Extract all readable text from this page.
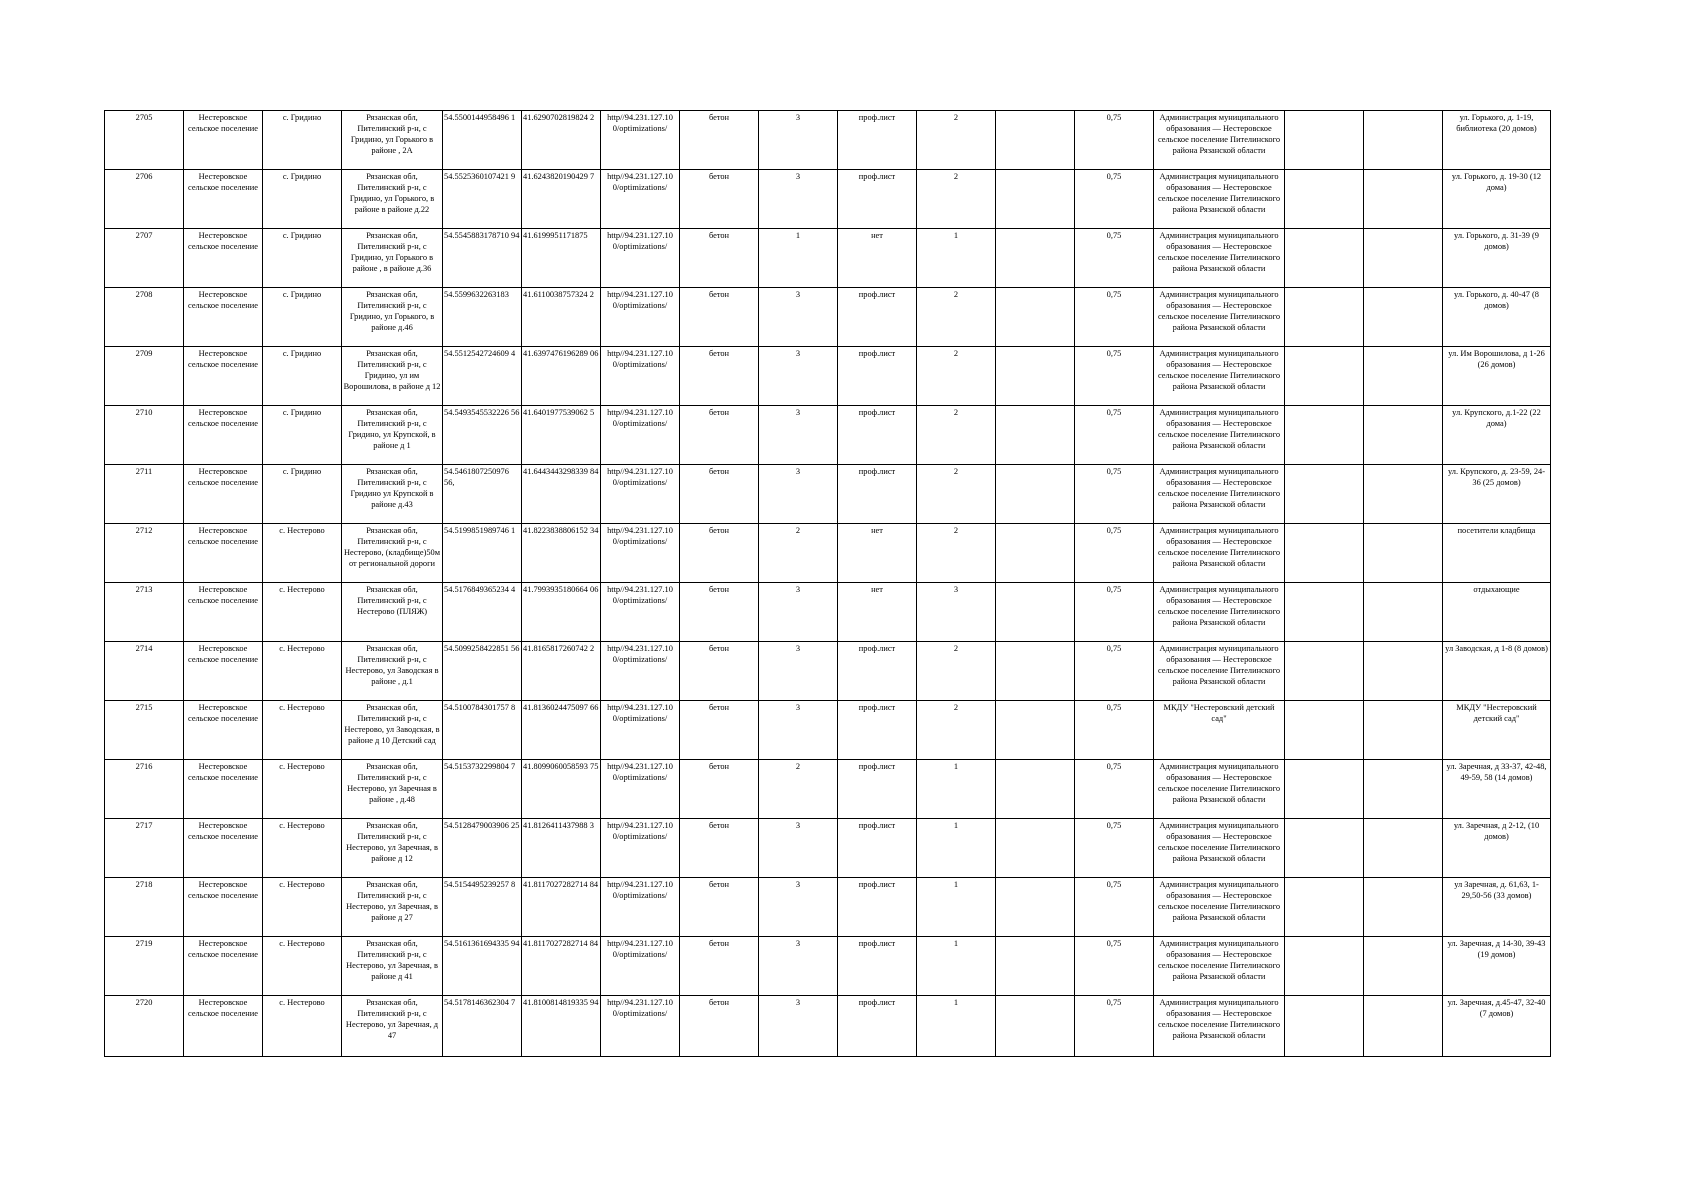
2705	Нестеровское сельское поселение	с. Гридино	Рязанская обл, Пителинский р-н, с Гридино, ул Горького в районе , 2А	54.5500144958496 1	41.6290702819824 2	http//94.231.127.10 0/optimizations/	бетон	3	проф.лист	2		0,75	Администрация муниципального образования — Нестеровское сельское поселение Пителинского района Рязанской области			ул. Горького, д. 1-19, библиотека (20 домов)
2706	Нестеровское сельское поселение	с. Гридино	Рязанская обл, Пителинский р-н, с Гридино, ул Горького, в районе в районе д.22	54.5525360107421 9	41.6243820190429 7	http//94.231.127.10 0/optimizations/	бетон	3	проф.лист	2		0,75	Администрация муниципального образования — Нестеровское сельское поселение Пителинского района Рязанской области			ул. Горького, д. 19-30 (12 дома)
2707	Нестеровское сельское поселение	с. Гридино	Рязанская обл, Пителинский р-н, с Гридино, ул Горького в районе , в районе д.36	54.5545883178710 94	41.6199951171875	http//94.231.127.10 0/optimizations/	бетон	1	нет	1		0,75	Администрация муниципального образования — Нестеровское сельское поселение Пителинского района Рязанской области			ул. Горького, д. 31-39 (9 домов)
2708	Нестеровское сельское поселение	с. Гридино	Рязанская обл, Пителинский р-н, с Гридино, ул Горького, в районе д.46	54.5599632263183	41.6110038757324 2	http//94.231.127.10 0/optimizations/	бетон	3	проф.лист	2		0,75	Администрация муниципального образования — Нестеровское сельское поселение Пителинского района Рязанской области			ул. Горького, д. 40-47 (8 домов)
2709	Нестеровское сельское поселение	с. Гридино	Рязанская обл, Пителинский р-н, с Гридино, ул им Ворошилова, в районе д 12	54.5512542724609 4	41.6397476196289 06	http//94.231.127.10 0/optimizations/	бетон	3	проф.лист	2		0,75	Администрация муниципального образования — Нестеровское сельское поселение Пителинского района Рязанской области			ул. Им Ворошилова, д 1-26 (26 домов)
2710	Нестеровское сельское поселение	с. Гридино	Рязанская обл, Пителинский р-н, с Гридино, ул Крупской, в районе д 1	54.5493545532226 56	41.6401977539062 5	http//94.231.127.10 0/optimizations/	бетон	3	проф.лист	2		0,75	Администрация муниципального образования — Нестеровское сельское поселение Пителинского района Рязанской области			ул. Крупского, д.1-22 (22 дома)
2711	Нестеровское сельское поселение	с. Гридино	Рязанская обл, Пителинский р-н, с Гридино ул Крупской в районе д.43	54.5461807250976 56,	41.6443443298339 84	http//94.231.127.10 0/optimizations/	бетон	3	проф.лист	2		0,75	Администрация муниципального образования — Нестеровское сельское поселение Пителинского района Рязанской области			ул. Крупского, д. 23-59, 24-36 (25 домов)
2712	Нестеровское сельское поселение	с. Нестерово	Рязанская обл, Пителинский р-н, с Нестерово, (кладбище)50м от региональной дороги	54.5199851989746 1	41.8223838806152 34	http//94.231.127.10 0/optimizations/	бетон	2	нет	2		0,75	Администрация муниципального образования — Нестеровское сельское поселение Пителинского района Рязанской области			посетители кладбища
2713	Нестеровское сельское поселение	с. Нестерово	Рязанская обл, Пителинский р-н, с Нестерово (ПЛЯЖ)	54.5176849365234 4	41.7993935180664 06	http//94.231.127.10 0/optimizations/	бетон	3	нет	3		0,75	Администрация муниципального образования — Нестеровское сельское поселение Пителинского района Рязанской области			отдыхающие
2714	Нестеровское сельское поселение	с. Нестерово	Рязанская обл, Пителинский р-н, с Нестерово, ул Заводская в районе , д.1	54.5099258422851 56	41.8165817260742 2	http//94.231.127.10 0/optimizations/	бетон	3	проф.лист	2		0,75	Администрация муниципального образования — Нестеровское сельское поселение Пителинского района Рязанской области			ул Заводская, д 1-8 (8 домов)
2715	Нестеровское сельское поселение	с. Нестерово	Рязанская обл, Пителинский р-н, с Нестерово, ул Заводская, в районе д 10 Детский сад	54.5100784301757 8	41.8136024475097 66	http//94.231.127.10 0/optimizations/	бетон	3	проф.лист	2		0,75	МКДУ "Нестеровский детский сад"			МКДУ "Нестеровский детский сад"
2716	Нестеровское сельское поселение	с. Нестерово	Рязанская обл, Пителинский р-н, с Нестерово, ул Заречная в районе , д.48	54.5153732299804 7	41.8099060058593 75	http//94.231.127.10 0/optimizations/	бетон	2	проф.лист	1		0,75	Администрация муниципального образования — Нестеровское сельское поселение Пителинского района Рязанской области			ул. Заречная, д 33-37, 42-48, 49-59, 58 (14 домов)
2717	Нестеровское сельское поселение	с. Нестерово	Рязанская обл, Пителинский р-н, с Нестерово, ул Заречная, в районе д 12	54.5128479003906 25	41.8126411437988 3	http//94.231.127.10 0/optimizations/	бетон	3	проф.лист	1		0,75	Администрация муниципального образования — Нестеровское сельское поселение Пителинского района Рязанской области			ул. Заречная, д 2-12, (10 домов)
2718	Нестеровское сельское поселение	с. Нестерово	Рязанская обл, Пителинский р-н, с Нестерово, ул Заречная, в районе д 27	54.5154495239257 8	41.8117027282714 84	http//94.231.127.10 0/optimizations/	бетон	3	проф.лист	1		0,75	Администрация муниципального образования — Нестеровское сельское поселение Пителинского района Рязанской области			ул Заречная, д. 61,63, 1-29,50-56 (33 домов)
2719	Нестеровское сельское поселение	с. Нестерово	Рязанская обл, Пителинский р-н, с Нестерово, ул Заречная, в районе д 41	54.5161361694335 94	41.8117027282714 84	http//94.231.127.10 0/optimizations/	бетон	3	проф.лист	1		0,75	Администрация муниципального образования — Нестеровское сельское поселение Пителинского района Рязанской области			ул. Заречная, д 14-30, 39-43 (19 домов)
2720	Нестеровское сельское поселение	с. Нестерово	Рязанская обл, Пителинский р-н, с Нестерово, ул Заречная, д 47	54.5178146362304 7	41.8100814819335 94	http//94.231.127.10 0/optimizations/	бетон	3	проф.лист	1		0,75	Администрация муниципального образования — Нестеровское сельское поселение Пителинского района Рязанской области			ул. Заречная, д.45-47, 32-40 (7 домов)
